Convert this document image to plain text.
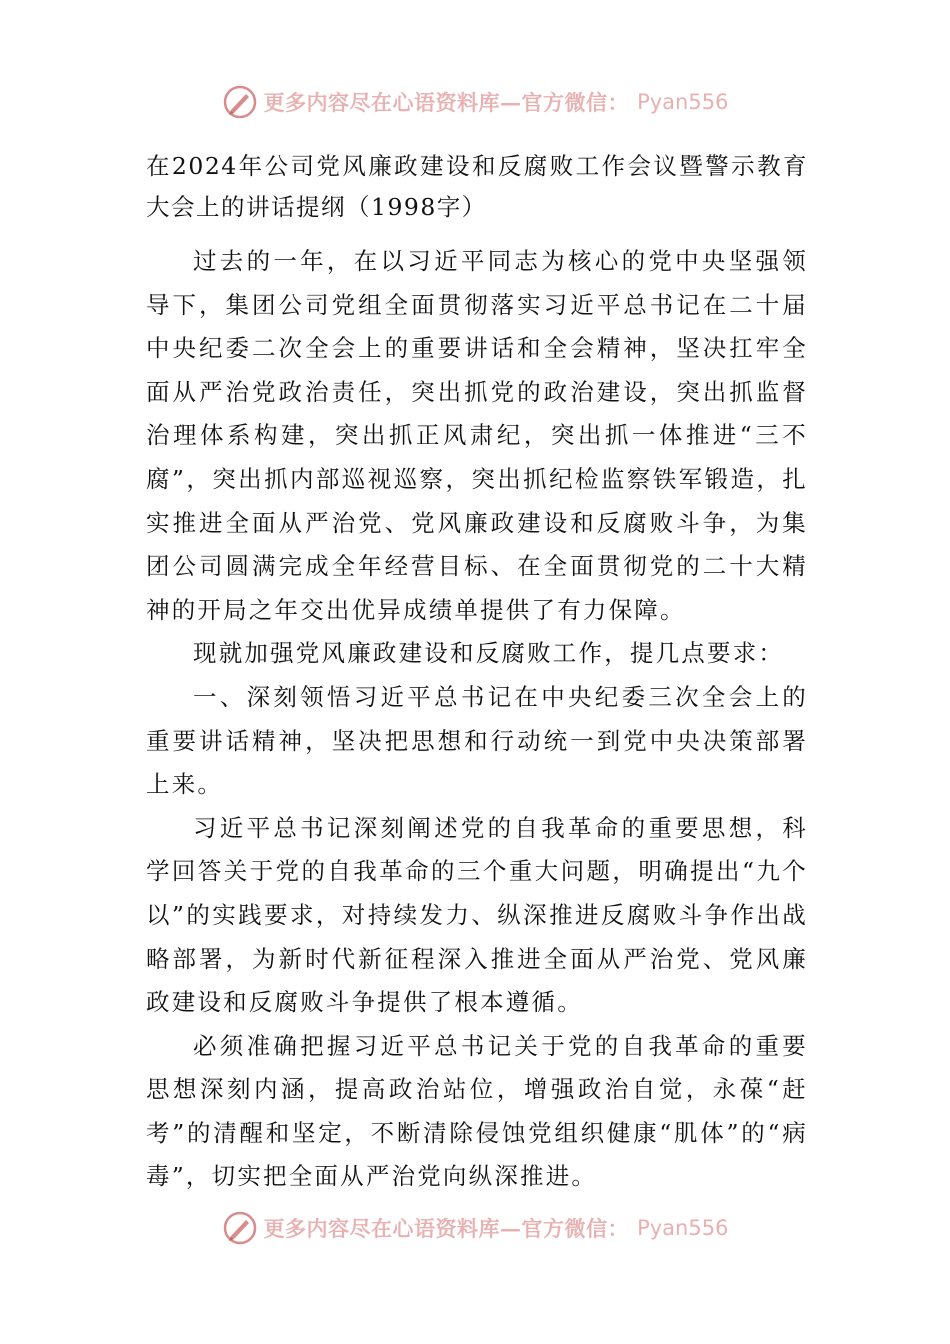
更多内容尽在心语资料库—官方微信： Pyan556

在2024年公司党风廉政建设和反腐败工作会议暨警示教育大会上的讲话提纲（1998字）

过去的一年，在以习近平同志为核心的党中央坚强领导下，集团公司党组全面贯彻落实习近平总书记在二十届中央纪委二次全会上的重要讲话和全会精神，坚决扛牢全面从严治党政治责任，突出抓党的政治建设，突出抓监督治理体系构建，突出抓正风肃纪，突出抓一体推进“三不腐”，突出抓内部巡视巡察，突出抓纪检监察铁军锻造，扎实推进全面从严治党、党风廉政建设和反腐败斗争，为集团公司圆满完成全年经营目标、在全面贯彻党的二十大精神的开局之年交出优异成绩单提供了有力保障。

现就加强党风廉政建设和反腐败工作，提几点要求：

一、深刻领悟习近平总书记在中央纪委三次全会上的重要讲话精神，坚决把思想和行动统一到党中央决策部署上来。

习近平总书记深刻阐述党的自我革命的重要思想，科学回答关于党的自我革命的三个重大问题，明确提出“九个以”的实践要求，对持续发力、纵深推进反腐败斗争作出战略部署，为新时代新征程深入推进全面从严治党、党风廉政建设和反腐败斗争提供了根本遵循。

必须准确把握习近平总书记关于党的自我革命的重要思想深刻内涵，提高政治站位，增强政治自觉，永葆“赶考”的清醒和坚定，不断清除侵蚀党组织健康“肌体”的“病毒”，切实把全面从严治党向纵深推进。

更多内容尽在心语资料库—官方微信： Pyan556
